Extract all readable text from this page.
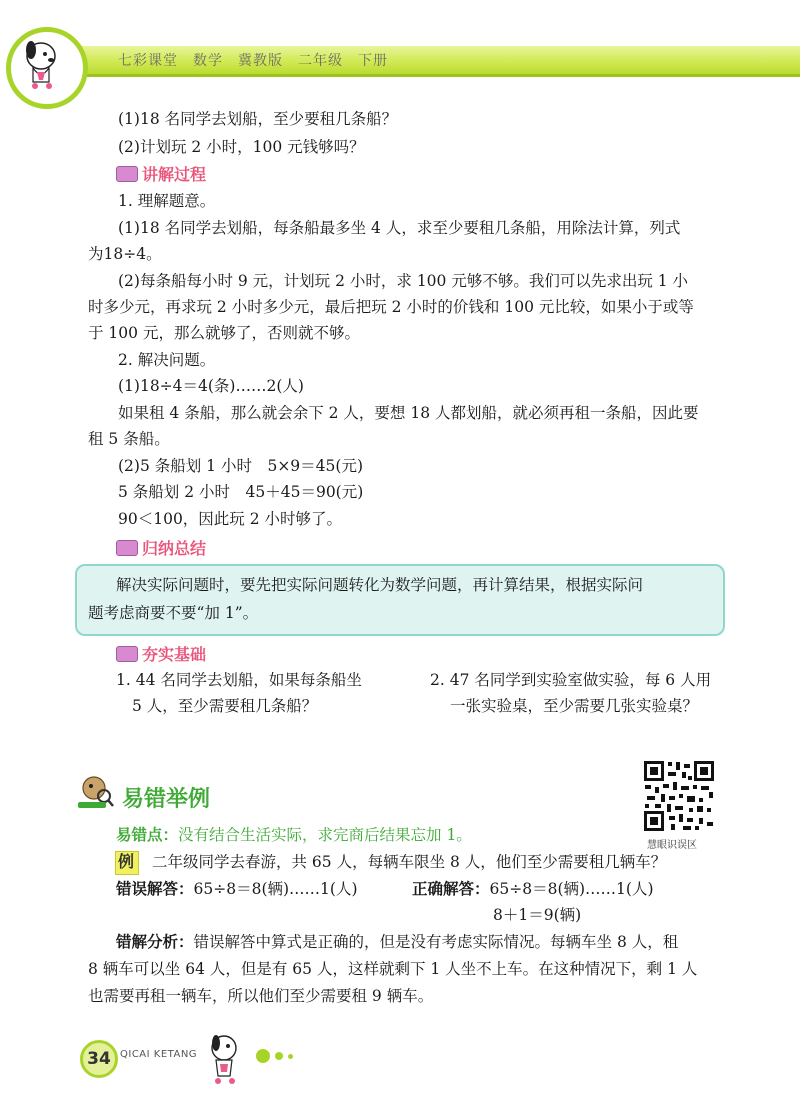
七彩课堂　数学　冀教版　二年级　下册
(1)18 名同学去划船，至少要租几条船？
(2)计划玩 2 小时，100 元钱够吗？
讲解过程
1. 理解题意。
(1)18 名同学去划船，每条船最多坐 4 人，求至少要租几条船，用除法计算，列式
为18÷4。
(2)每条船每小时 9 元，计划玩 2 小时，求 100 元够不够。我们可以先求出玩 1 小
时多少元，再求玩 2 小时多少元，最后把玩 2 小时的价钱和 100 元比较，如果小于或等
于 100 元，那么就够了，否则就不够。
2. 解决问题。
(1)18÷4＝4(条)……2(人)
如果租 4 条船，那么就会余下 2 人，要想 18 人都划船，就必须再租一条船，因此要
租 5 条船。
(2)5 条船划 1 小时　5×9＝45(元)
5 条船划 2 小时　45＋45＝90(元)
90＜100，因此玩 2 小时够了。
归纳总结
解决实际问题时，要先把实际问题转化为数学问题，再计算结果，根据实际问
题考虑商要不要“加 1”。
夯实基础
1. 44 名同学去划船，如果每条船坐
5 人，至少需要租几条船？
2. 47 名同学到实验室做实验，每 6 人用
一张实验桌，至少需要几张实验桌？
易错举例
慧眼识误区
易错点：没有结合生活实际，求完商后结果忘加 1。
例 二年级同学去春游，共 65 人，每辆车限坐 8 人，他们至少需要租几辆车？
错误解答：65÷8＝8(辆)……1(人)	正确解答：65÷8＝8(辆)……1(人)
8＋1＝9(辆)
错解分析：错误解答中算式是正确的，但是没有考虑实际情况。每辆车坐 8 人，租
8 辆车可以坐 64 人，但是有 65 人，这样就剩下 1 人坐不上车。在这种情况下，剩 1 人
也需要再租一辆车，所以他们至少需要租 9 辆车。
34 QICAI KETANG
